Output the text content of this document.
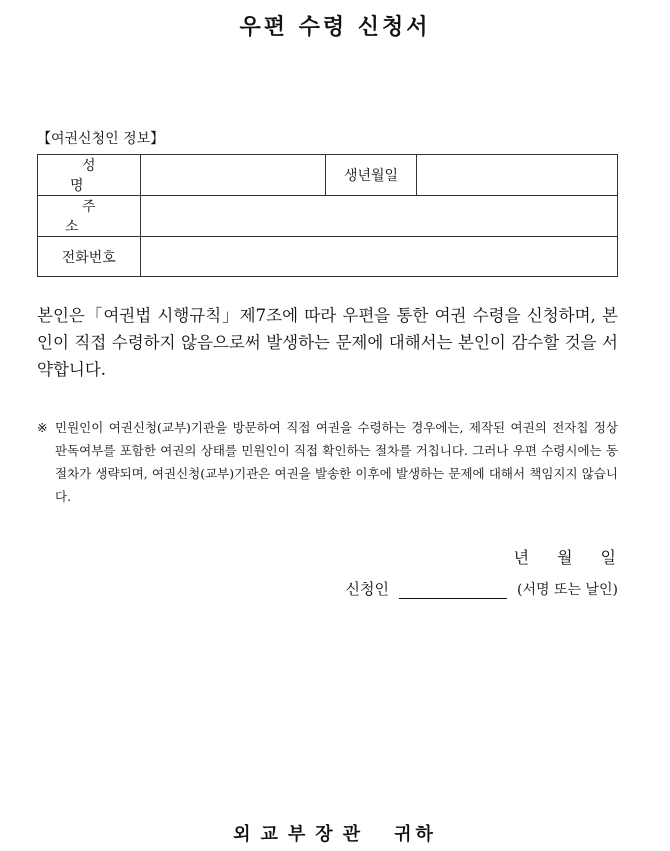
우편 수령 신청서
【여권신청인 정보】
성 명		생년월일	
주 소			
전화번호			
본인은「여권법 시행규칙」제7조에 따라 우편을 통한 여권 수령을 신청하며, 본인이 직접 수령하지 않음으로써 발생하는 문제에 대해서는 본인이 감수할 것을 서약합니다.
※ 민원인이 여권신청(교부)기관을 방문하여 직접 여권을 수령하는 경우에는, 제작된 여권의 전자칩 정상 판독여부를 포함한 여권의 상태를 민원인이 직접 확인하는 절차를 거칩니다. 그러나 우편 수령시에는 동 절차가 생략되며, 여권신청(교부)기관은 여권을 발송한 이후에 발생하는 문제에 대해서 책임지지 않습니다.
년 월 일
신청인	(서명 또는 날인)
외교부장관 귀하
